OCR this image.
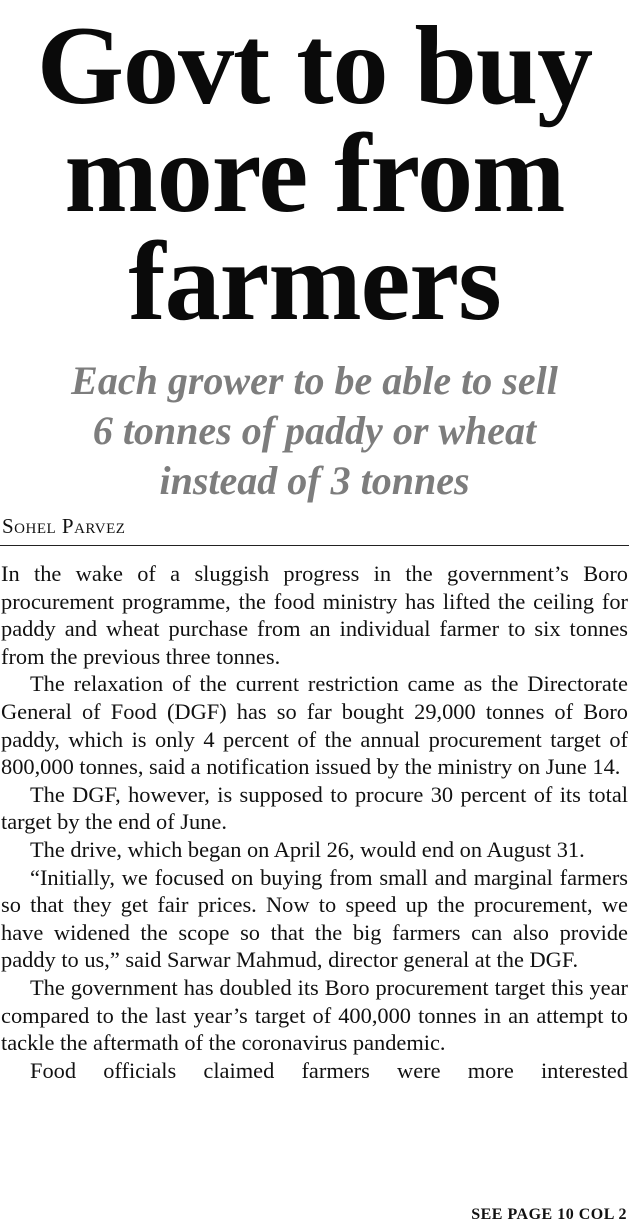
Govt to buy
more from
farmers
Each grower to be able to sell
6 tonnes of paddy or wheat
instead of 3 tonnes
Sohel Parvez

In the wake of a sluggish progress in the government’s Boro procurement programme, the food ministry has lifted the ceiling for paddy and wheat purchase from an individual farmer to six tonnes from the previous three tonnes.

The relaxation of the current restriction came as the Directorate General of Food (DGF) has so far bought 29,000 tonnes of Boro paddy, which is only 4 percent of the annual procurement target of 800,000 tonnes, said a notification issued by the ministry on June 14.

The DGF, however, is supposed to procure 30 percent of its total target by the end of June.

The drive, which began on April 26, would end on August 31.

“Initially, we focused on buying from small and marginal farmers so that they get fair prices. Now to speed up the procurement, we have widened the scope so that the big farmers can also provide paddy to us,” said Sarwar Mahmud, director general at the DGF.

The government has doubled its Boro procurement target this year compared to the last year’s target of 400,000 tonnes in an attempt to tackle the aftermath of the coronavirus pandemic.

Food officials claimed farmers were more interested

SEE PAGE 10 COL 2
